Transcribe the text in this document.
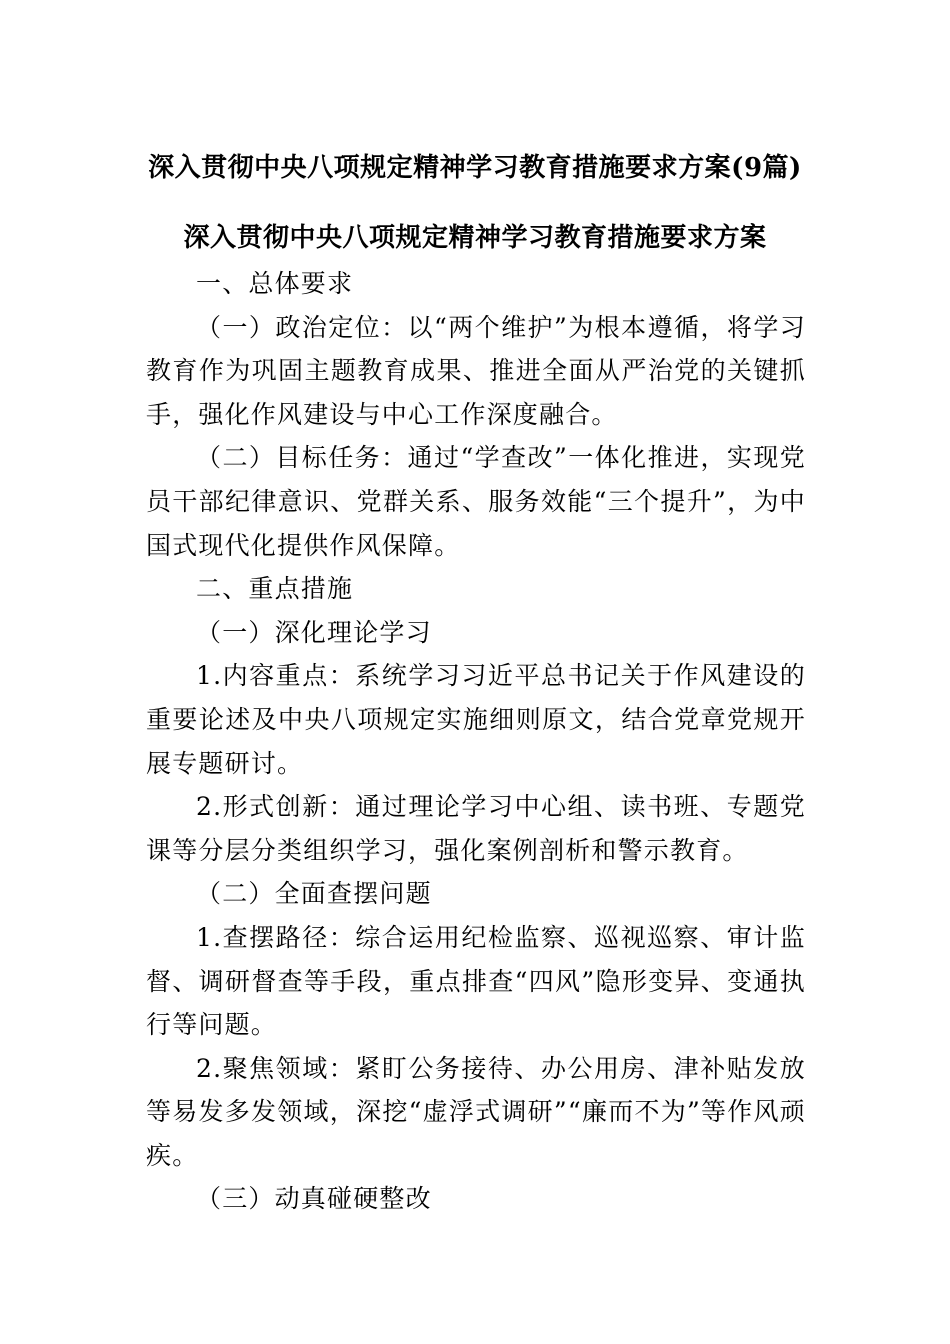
深入贯彻中央八项规定精神学习教育措施要求方案(9篇)
深入贯彻中央八项规定精神学习教育措施要求方案

一、总体要求

（一）政治定位：以“两个维护”为根本遵循，将学习教育作为巩固主题教育成果、推进全面从严治党的关键抓手，强化作风建设与中心工作深度融合。

（二）目标任务：通过“学查改”一体化推进，实现党员干部纪律意识、党群关系、服务效能“三个提升”，为中国式现代化提供作风保障。

二、重点措施

（一）深化理论学习

1.内容重点：系统学习习近平总书记关于作风建设的重要论述及中央八项规定实施细则原文，结合党章党规开展专题研讨。

2.形式创新：通过理论学习中心组、读书班、专题党课等分层分类组织学习，强化案例剖析和警示教育。

（二）全面查摆问题

1.查摆路径：综合运用纪检监察、巡视巡察、审计监督、调研督查等手段，重点排查“四风”隐形变异、变通执行等问题。

2.聚焦领域：紧盯公务接待、办公用房、津补贴发放等易发多发领域，深挖“虚浮式调研”“廉而不为”等作风顽疾。

（三）动真碰硬整改
